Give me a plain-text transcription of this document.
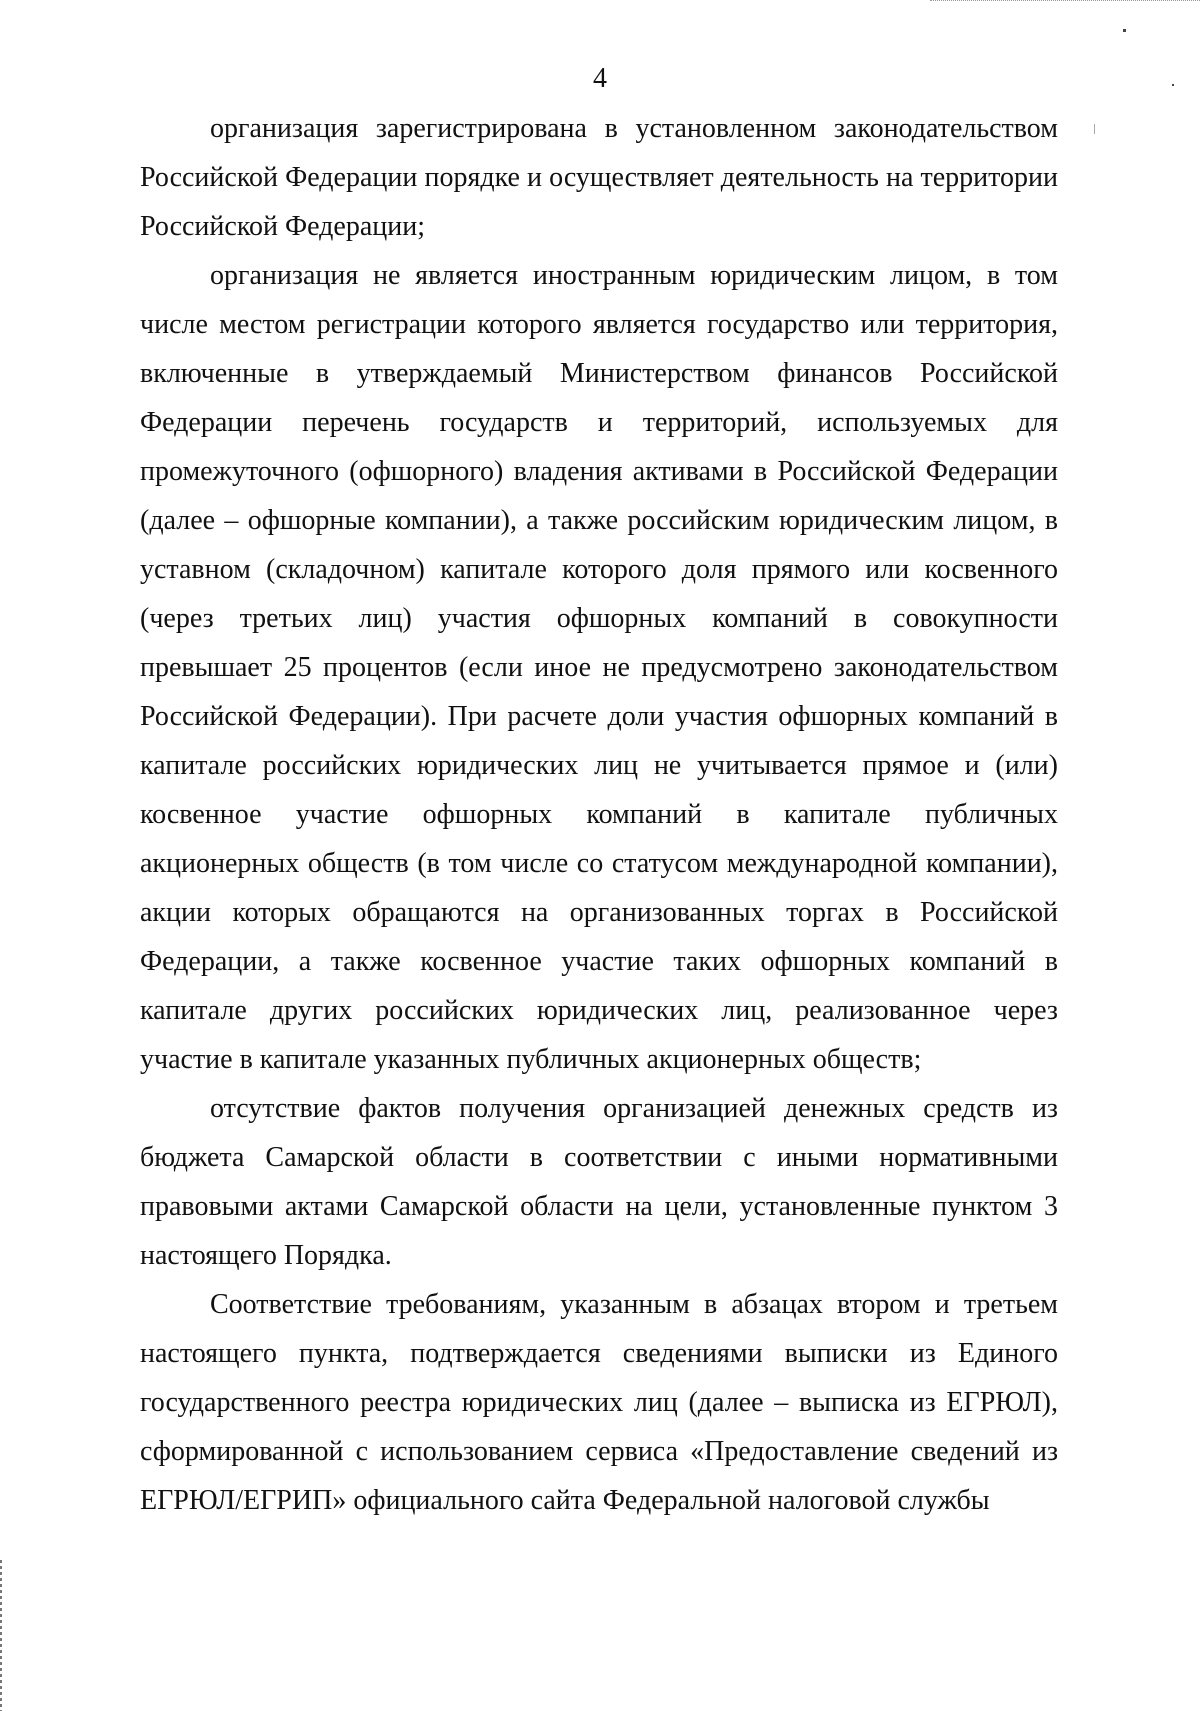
4

организация зарегистрирована в установленном законодательством Российской Федерации порядке и осуществляет деятельность на территории Российской Федерации;

организация не является иностранным юридическим лицом, в том числе местом регистрации которого является государство или территория, включенные в утверждаемый Министерством финансов Российской Федерации перечень государств и территорий, используемых для промежуточного (офшорного) владения активами в Российской Федерации (далее – офшорные компании), а также российским юридическим лицом, в уставном (складочном) капитале которого доля прямого или косвенного (через третьих лиц) участия офшорных компаний в совокупности превышает 25 процентов (если иное не предусмотрено законодательством Российской Федерации). При расчете доли участия офшорных компаний в капитале российских юридических лиц не учитывается прямое и (или) косвенное участие офшорных компаний в капитале публичных акционерных обществ (в том числе со статусом международной компании), акции которых обращаются на организованных торгах в Российской Федерации, а также косвенное участие таких офшорных компаний в капитале других российских юридических лиц, реализованное через участие в капитале указанных публичных акционерных обществ;

отсутствие фактов получения организацией денежных средств из бюджета Самарской области в соответствии с иными нормативными правовыми актами Самарской области на цели, установленные пунктом 3 настоящего Порядка.

Соответствие требованиям, указанным в абзацах втором и третьем настоящего пункта, подтверждается сведениями выписки из Единого государственного реестра юридических лиц (далее – выписка из ЕГРЮЛ), сформированной с использованием сервиса «Предоставление сведений из ЕГРЮЛ/ЕГРИП» официального сайта Федеральной налоговой службы
